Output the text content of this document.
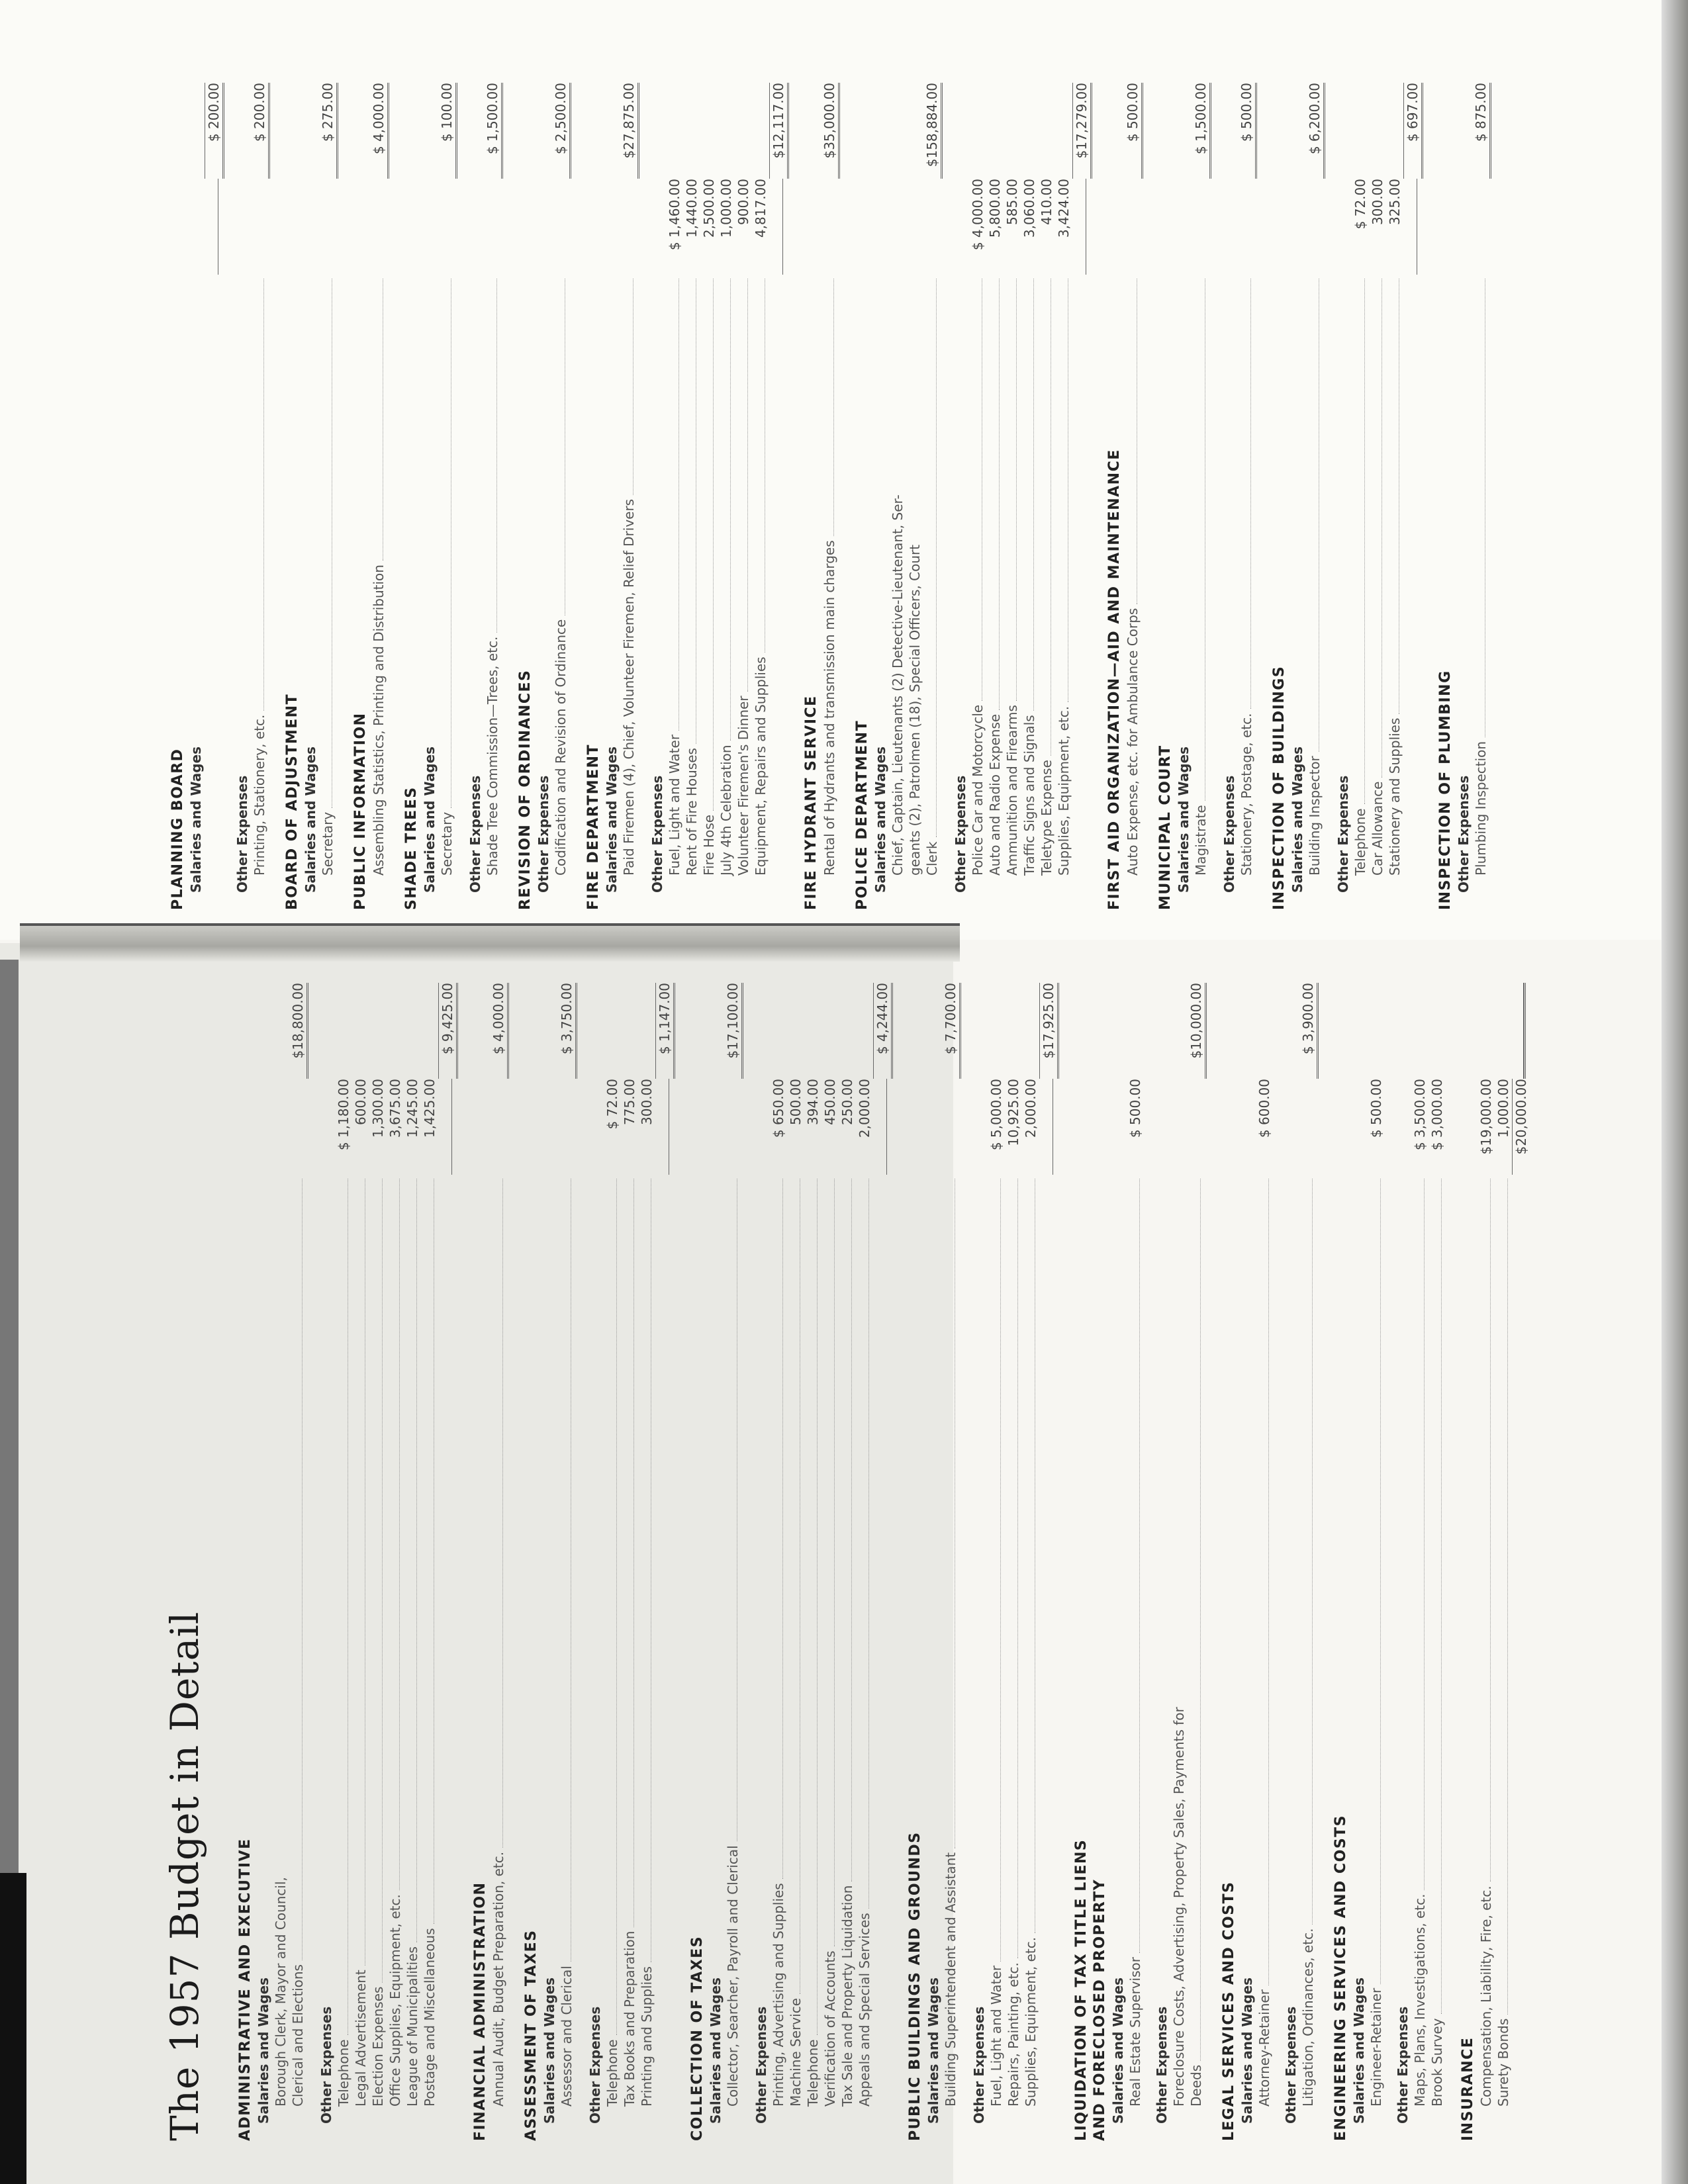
The 1957 Budget in Detail ADMINISTRATIVE AND EXECUTIVE Salaries and Wages Borough Clerk, Mayor and Council, Clerical and Elections
$18,800.00
Other Expenses Telephone
$ 1,180.00
Legal Advertisement
600.00
Election Expenses
1,300.00
Office Supplies, Equipment, etc.
3,675.00
League of Municipalities
1,245.00
Postage and Miscellaneous
1,425.00
$ 9,425.00
FINANCIAL ADMINISTRATION Annual Audit, Budget Preparation, etc.
$ 4,000.00
ASSESSMENT OF TAXES Salaries and Wages Assessor and Clerical
$ 3,750.00
Other Expenses Telephone
$ 72.00
Tax Books and Preparation
775.00
Printing and Supplies
300.00
$ 1,147.00
COLLECTION OF TAXES Salaries and Wages Collector, Searcher, Payroll and Clerical
$17,100.00
Other Expenses Printing, Advertising and Supplies
$ 650.00
Machine Service
500.00
Telephone
394.00
Verification of Accounts
450.00
Tax Sale and Property Liquidation
250.00
Appeals and Special Services
2,000.00
$ 4,244.00
PUBLIC BUILDINGS AND GROUNDS Salaries and Wages Building Superintendent and Assistant
$ 7,700.00
Other Expenses Fuel, Light and Water
$ 5,000.00
Repairs, Painting, etc.
10,925.00
Supplies, Equipment, etc.
2,000.00
$17,925.00
LIQUIDATION OF TAX TITLE LIENS AND FORECLOSED PROPERTY Salaries and Wages Real Estate Supervisor
$ 500.00
Other Expenses Foreclosure Costs, Advertising, Property Sales, Payments for Deeds
$10,000.00
LEGAL SERVICES AND COSTS Salaries and Wages Attorney-Retainer
$ 600.00
Other Expenses Litigation, Ordinances, etc.
$ 3,900.00
ENGINEERING SERVICES AND COSTS Salaries and Wages Engineer-Retainer
$ 500.00
Other Expenses Maps, Plans, Investigations, etc.
$ 3,500.00
Brook Survey
$ 3,000.00
INSURANCE Compensation, Liability, Fire, etc.
$19,000.00
Surety Bonds
1,000.00 $20,000.00
PLANNING BOARD Salaries and Wages
$ 200.00
Other Expenses Printing, Stationery, etc.
$ 200.00
BOARD OF ADJUSTMENT Salaries and Wages Secretary
$ 275.00
PUBLIC INFORMATION Assembling Statistics, Printing and Distribution
$ 4,000.00
SHADE TREES Salaries and Wages Secretary
$ 100.00
Other Expenses Shade Tree Commission—Trees, etc.
$ 1,500.00
REVISION OF ORDINANCES Other Expenses Codification and Revision of Ordinance
$ 2,500.00
FIRE DEPARTMENT Salaries and Wages Paid Firemen (4), Chief, Volunteer Firemen, Relief Drivers
$27,875.00
Other Expenses Fuel, Light and Water
$ 1,460.00
Rent of Fire Houses
1,440.00
Fire Hose
2,500.00
July 4th Celebration
1,000.00
Volunteer Firemen's Dinner
900.00
Equipment, Repairs and Supplies
4,817.00
$12,117.00
FIRE HYDRANT SERVICE Rental of Hydrants and transmission main charges
$35,000.00
POLICE DEPARTMENT Salaries and Wages Chief, Captain, Lieutenants (2) Detective-Lieutenant, Ser- geants (2), Patrolmen (18), Special Officers, Court Clerk
$158,884.00
Other Expenses Police Car and Motorcycle
$ 4,000.00
Auto and Radio Expense
5,800.00
Ammunition and Firearms
585.00
Traffic Signs and Signals
3,060.00
Teletype Expense
410.00
Supplies, Equipment, etc.
3,424.00
$17,279.00
FIRST AID ORGANIZATION—AID AND MAINTENANCE Auto Expense, etc. for Ambulance Corps
$ 500.00
MUNICIPAL COURT Salaries and Wages Magistrate
$ 1,500.00
Other Expenses Stationery, Postage, etc.
$ 500.00
INSPECTION OF BUILDINGS Salaries and Wages Building Inspector
$ 6,200.00
Other Expenses Telephone
$ 72.00
Car Allowance
300.00
Stationery and Supplies
325.00
$ 697.00
INSPECTION OF PLUMBING Other Expenses Plumbing Inspection
$ 875.00
